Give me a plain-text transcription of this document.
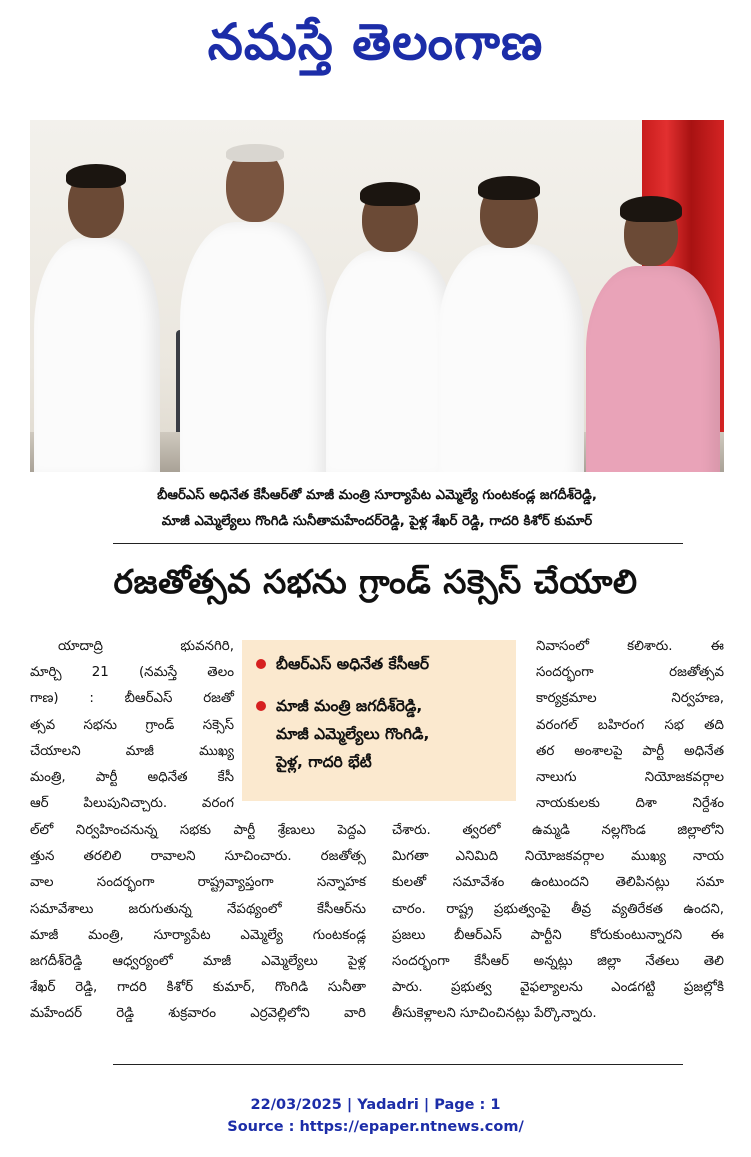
నమస్తే తెలంగాణ
బీఆర్ఎస్ అధినేత కేసీఆర్‌తో మాజీ మంత్రి సూర్యాపేట ఎమ్మెల్యే గుంటకండ్ల జగదీశ్‌రెడ్డి,
మాజీ ఎమ్మెల్యేలు గొంగిడి సునీతామహేందర్‌రెడ్డి, పైళ్ల శేఖర్ రెడ్డి, గాదరి కిశోర్ కుమార్
రజతోత్సవ సభను గ్రాండ్ సక్సెస్ చేయాలి
బీఆర్ఎస్ అధినేత కేసీఆర్
మాజీ మంత్రి జగదీశ్‌రెడ్డి,
మాజీ ఎమ్మెల్యేలు గొంగిడి,
పైళ్ల, గాదరి భేటీ
యాదాద్రి భువనగిరి,
మార్చి 21 (నమస్తే తెలం
గాణ) : బీఆర్ఎస్ రజతో
త్సవ సభను గ్రాండ్ సక్సెస్
చేయాలని మాజీ ముఖ్య
మంత్రి, పార్టీ అధినేత కేసీ
ఆర్ పిలుపునిచ్చారు. వరంగ
ల్‌లో నిర్వహించనున్న సభకు పార్టీ శ్రేణులు పెద్దఎ
త్తున తరలిలి రావాలని సూచించారు. రజతోత్స
వాల సందర్భంగా రాష్ట్రవ్యాప్తంగా సన్నాహక
సమావేశాలు జరుగుతున్న నేపథ్యంలో కేసీఆర్‌ను
మాజీ మంత్రి, సూర్యాపేట ఎమ్మెల్యే గుంటకండ్ల
జగదీశ్‌రెడ్డి ఆధ్వర్యంలో మాజీ ఎమ్మెల్యేలు పైళ్ల
శేఖర్ రెడ్డి, గాదరి కిశోర్ కుమార్, గొంగిడి సునీతా
మహేందర్ రెడ్డి శుక్రవారం ఎర్రవెల్లిలోని వారి
నివాసంలో కలిశారు. ఈ
సందర్భంగా రజతోత్సవ
కార్యక్రమాల నిర్వహణ,
వరంగల్ బహిరంగ సభ తది
తర అంశాలపై పార్టీ అధినేత
నాలుగు నియోజకవర్గాల
నాయకులకు దిశా నిర్దేశం
చేశారు. త్వరలో ఉమ్మడి నల్లగొండ జిల్లాలోని
మిగతా ఎనిమిది నియోజకవర్గాల ముఖ్య నాయ
కులతో సమావేశం ఉంటుందని తెలిపినట్లు సమా
చారం. రాష్ట్ర ప్రభుత్వంపై తీవ్ర వ్యతిరేకత ఉందని,
ప్రజలు బీఆర్ఎస్ పార్టీని కోరుకుంటున్నారని ఈ
సందర్భంగా కేసీఆర్ అన్నట్లు జిల్లా నేతలు తెలి
పారు. ప్రభుత్వ వైఫల్యాలను ఎండగట్టి ప్రజల్లోకి
తీసుకెళ్లాలని సూచించినట్లు పేర్కొన్నారు.
22/03/2025 | Yadadri | Page : 1
Source : https://epaper.ntnews.com/
